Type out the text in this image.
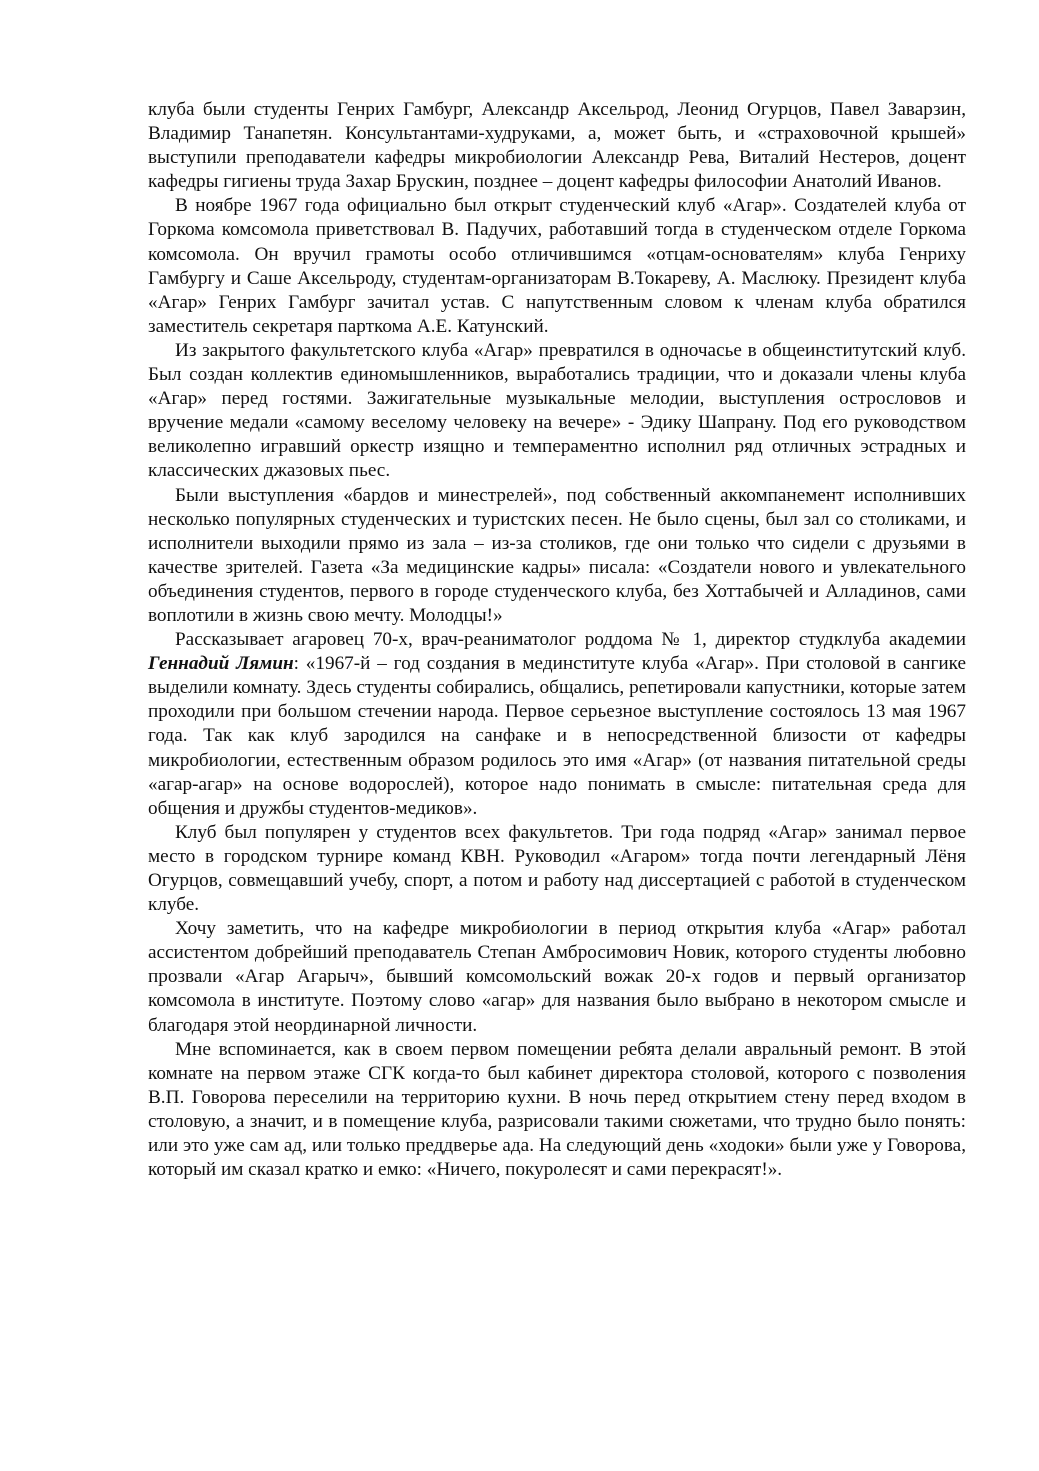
клуба были студенты Генрих Гамбург, Александр Аксельрод, Леонид Огурцов, Павел Заварзин, Владимир Танапетян. Консультантами-худруками, а, может быть, и «страховочной крышей» выступили преподаватели кафедры микробиологии Александр Рева, Виталий Нестеров, доцент кафедры гигиены труда Захар Брускин, позднее – доцент кафедры философии Анатолий Иванов.

В ноябре 1967 года официально был открыт студенческий клуб «Агар». Создателей клуба от Горкома комсомола приветствовал В. Падучих, работавший тогда в студенческом отделе Горкома комсомола. Он вручил грамоты особо отличившимся «отцам-основателям» клуба Генриху Гамбургу и Саше Аксельроду, студентам-организаторам В.Токареву, А. Маслюку. Президент клуба «Агар» Генрих Гамбург зачитал устав. С напутственным словом к членам клуба обратился заместитель секретаря парткома А.Е. Катунский.

Из закрытого факультетского клуба «Агар» превратился в одночасье в общеинститутский клуб. Был создан коллектив единомышленников, выработались традиции, что и доказали члены клуба «Агар» перед гостями. Зажигательные музыкальные мелодии, выступления острословов и вручение медали «самому веселому человеку на вечере» - Эдику Шапрану. Под его руководством великолепно игравший оркестр изящно и темпераментно исполнил ряд отличных эстрадных и классических джазовых пьес.

Были выступления «бардов и минестрелей», под собственный аккомпанемент исполнивших несколько популярных студенческих и туристских песен. Не было сцены, был зал со столиками, и исполнители выходили прямо из зала – из-за столиков, где они только что сидели с друзьями в качестве зрителей. Газета «За медицинские кадры» писала: «Создатели нового и увлекательного объединения студентов, первого в городе студенческого клуба, без Хоттабычей и Алладинов, сами воплотили в жизнь свою мечту. Молодцы!»

Рассказывает агаровец 70-х, врач-реаниматолог роддома № 1, директор студклуба академии Геннадий Лямин: «1967-й – год создания в мединституте клуба «Агар». При столовой в сангике выделили комнату. Здесь студенты собирались, общались, репетировали капустники, которые затем проходили при большом стечении народа. Первое серьезное выступление состоялось 13 мая 1967 года. Так как клуб зародился на санфаке и в непосредственной близости от кафедры микробиологии, естественным образом родилось это имя «Агар» (от названия питательной среды «агар-агар» на основе водорослей), которое надо понимать в смысле: питательная среда для общения и дружбы студентов-медиков».

Клуб был популярен у студентов всех факультетов. Три года подряд «Агар» занимал первое место в городском турнире команд КВН. Руководил «Агаром» тогда почти легендарный Лёня Огурцов, совмещавший учебу, спорт, а потом и работу над диссертацией с работой в студенческом клубе.

Хочу заметить, что на кафедре микробиологии в период открытия клуба «Агар» работал ассистентом добрейший преподаватель Степан Амбросимович Новик, которого студенты любовно прозвали «Агар Агарыч», бывший комсомольский вожак 20-х годов и первый организатор комсомола в институте. Поэтому слово «агар» для названия было выбрано в некотором смысле и благодаря этой неординарной личности.

Мне вспоминается, как в своем первом помещении ребята делали авральный ремонт. В этой комнате на первом этаже СГК когда-то был кабинет директора столовой, которого с позволения В.П. Говорова переселили на территорию кухни. В ночь перед открытием стену перед входом в столовую, а значит, и в помещение клуба, разрисовали такими сюжетами, что трудно было понять: или это уже сам ад, или только преддверье ада. На следующий день «ходоки» были уже у Говорова, который им сказал кратко и емко: «Ничего, покуролесят и сами перекрасят!».
